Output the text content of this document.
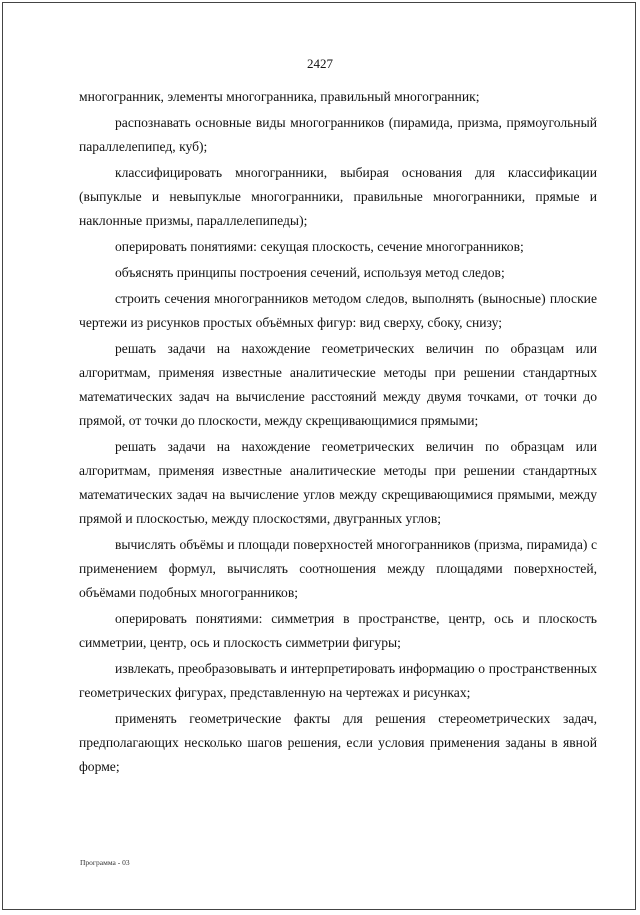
2427

многогранник, элементы многогранника, правильный многогранник;

распознавать основные виды многогранников (пирамида, призма, прямоугольный параллелепипед, куб);

классифицировать многогранники, выбирая основания для классификации (выпуклые и невыпуклые многогранники, правильные многогранники, прямые и наклонные призмы, параллелепипеды);

оперировать понятиями: секущая плоскость, сечение многогранников;

объяснять принципы построения сечений, используя метод следов;

строить сечения многогранников методом следов, выполнять (выносные) плоские чертежи из рисунков простых объёмных фигур: вид сверху, сбоку, снизу;

решать задачи на нахождение геометрических величин по образцам или алгоритмам, применяя известные аналитические методы при решении стандартных математических задач на вычисление расстояний между двумя точками, от точки до прямой, от точки до плоскости, между скрещивающимися прямыми;

решать задачи на нахождение геометрических величин по образцам или алгоритмам, применяя известные аналитические методы при решении стандартных математических задач на вычисление углов между скрещивающимися прямыми, между прямой и плоскостью, между плоскостями, двугранных углов;

вычислять объёмы и площади поверхностей многогранников (призма, пирамида) с применением формул, вычислять соотношения между площадями поверхностей, объёмами подобных многогранников;

оперировать понятиями: симметрия в пространстве, центр, ось и плоскость симметрии, центр, ось и плоскость симметрии фигуры;

извлекать, преобразовывать и интерпретировать информацию о пространственных геометрических фигурах, представленную на чертежах и рисунках;

применять геометрические факты для решения стереометрических задач, предполагающих несколько шагов решения, если условия применения заданы в явной форме;

Программа - 03
